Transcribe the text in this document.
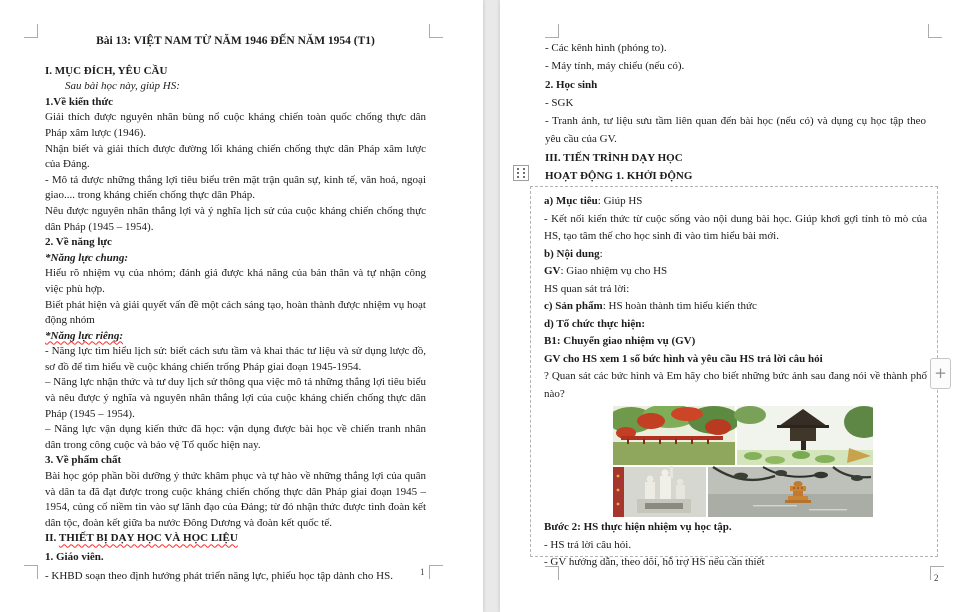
Bài 13: VIỆT NAM TỪ NĂM 1946 ĐẾN NĂM 1954 (T1)
I. MỤC ĐÍCH, YÊU CẦU
Sau bài học này, giúp HS:
1.Về kiến thức

Giải thích được nguyên nhân bùng nổ cuộc kháng chiến toàn quốc chống thực dân Pháp xâm lược (1946).

Nhận biết và giải thích được đường lối kháng chiến chống thực dân Pháp xâm lược của Đảng.

- Mô tả được những thắng lợi tiêu biểu trên mặt trận quân sự, kinh tế, văn hoá, ngoại giao.... trong kháng chiến chống thực dân Pháp.

Nêu được nguyên nhân thắng lợi và ý nghĩa lịch sử của cuộc kháng chiến chống thực dân Pháp (1945 – 1954).

2. Về năng lực
*Năng lực chung:

Hiểu rõ nhiệm vụ của nhóm; đánh giá được khả năng của bản thân và tự nhận công việc phù hợp.

Biết phát hiện và giải quyết vấn đề một cách sáng tạo, hoàn thành được nhiệm vụ hoạt động nhóm

*Năng lực riêng:

- Năng lực tìm hiểu lịch sử: biết cách sưu tầm và khai thác tư liệu và sử dụng lược đồ, sơ đồ để tìm hiểu về cuộc kháng chiến trống Pháp giai đoạn 1945-1954.

– Năng lực nhận thức và tư duy lịch sử thông qua việc mô tả những thắng lợi tiêu biểu và nêu được ý nghĩa và nguyên nhân thắng lợi của cuộc kháng chiến chống thực dân Pháp (1945 – 1954).

– Năng lực vận dụng kiến thức đã học: vận dụng được bài học về chiến tranh nhân dân trong công cuộc và bảo vệ Tổ quốc hiện nay.

3. Về phẩm chất

Bài học góp phần bồi dưỡng ý thức khâm phục và tự hào về những thắng lợi của quân và dân ta đã đạt được trong cuộc kháng chiến chống thực dân Pháp giai đoạn 1945 – 1954, củng cố niềm tin vào sự lãnh đạo của Đảng; từ đó nhận thức được tình đoàn kết dân tộc, đoàn kết giữa ba nước Đông Dương và đoàn kết quốc tế.

II. THIẾT BỊ DẠY HỌC VÀ HỌC LIỆU
1. Giáo viên.

- KHBD soạn theo định hướng phát triển năng lực, phiếu học tập dành cho HS.	1

- Các kênh hình (phóng to).

- Máy tính, máy chiếu (nếu có).

2. Học sinh

- SGK

- Tranh ảnh, tư liệu sưu tầm liên quan đến bài học (nếu có) và dụng cụ học tập theo yêu cầu của GV.

III. TIẾN TRÌNH DẠY HỌC
HOẠT ĐỘNG 1. KHỞI ĐỘNG
a) Mục tiêu: Giúp HS

- Kết nối kiến thức từ cuộc sống vào nội dung bài học. Giúp khơi gợi tính tò mò của HS, tạo tâm thế cho học sinh đi vào tìm hiểu bài mới.

b) Nội dung:
GV: Giao nhiệm vụ cho HS

HS quan sát trả lời:

c) Sản phẩm: HS hoàn thành tìm hiểu kiến thức
d) Tổ chức thực hiện:
B1: Chuyển giao nhiệm vụ (GV)
GV cho HS xem 1 số bức hình và yêu cầu HS trả lời câu hỏi

? Quan sát các bức hình và Em hãy cho biết những bức ảnh sau đang nói về thành phố nào?

Bước 2: HS thực hiện nhiệm vụ học tập.

- HS trả lời câu hỏi.

- GV hướng dẫn, theo dõi, hỗ trợ HS nếu cần thiết

2
+
